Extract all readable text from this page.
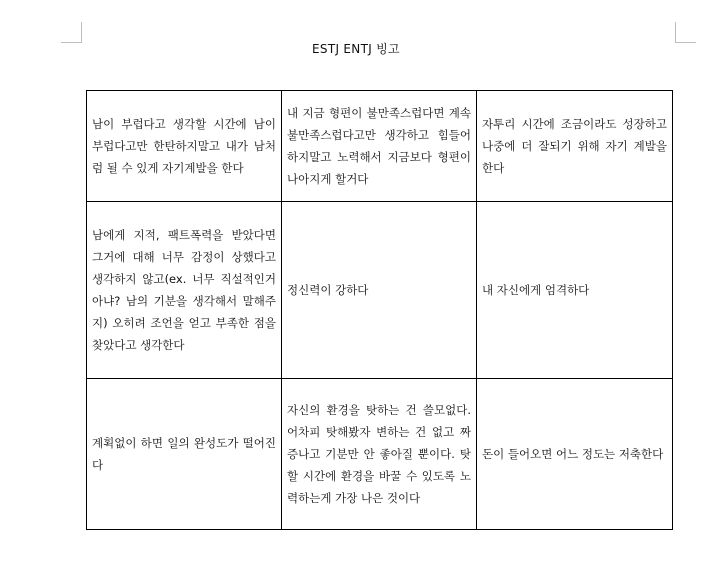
ESTJ ENTJ 빙고
남이 부럽다고 생각할 시간에 남이 부럽다고만 한탄하지말고 내가 남처럼 될 수 있게 자기계발을 한다	내 지금 형편이 불만족스럽다면 계속 불만족스럽다고만 생각하고 힘들어하지말고 노력해서 지금보다 형편이 나아지게 할거다	자투리 시간에 조금이라도 성장하고 나중에 더 잘되기 위해 자기 계발을 한다
남에게 지적, 팩트폭력을 받았다면 그거에 대해 너무 감정이 상했다고 생각하지 않고(ex. 너무 직설적인거 아냐? 남의 기분을 생각해서 말해주지) 오히려 조언을 얻고 부족한 점을 찾았다고 생각한다	정신력이 강하다	내 자신에게 엄격하다
계획없이 하면 일의 완성도가 떨어진다	자신의 환경을 탓하는 건 쓸모없다. 어차피 탓해봤자 변하는 건 없고 짜증나고 기분만 안 좋아질 뿐이다. 탓할 시간에 환경을 바꿀 수 있도록 노력하는게 가장 나은 것이다	돈이 들어오면 어느 정도는 저축한다
